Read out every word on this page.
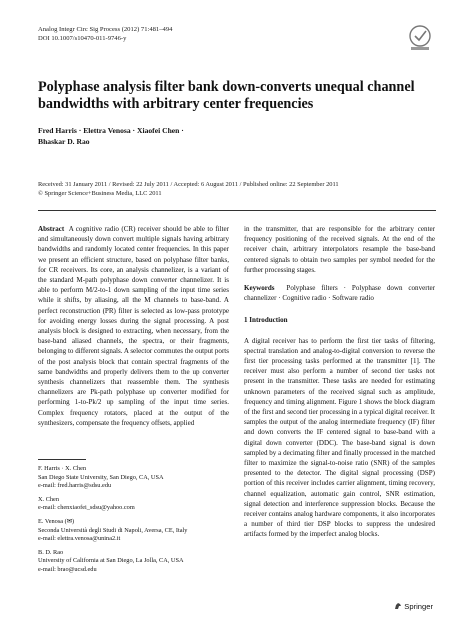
Analog Integr Circ Sig Process (2012) 71:481–494
DOI 10.1007/s10470-011-9746-y
Polyphase analysis filter bank down-converts unequal channel bandwidths with arbitrary center frequencies
Fred Harris · Elettra Venosa · Xiaofei Chen ·
Bhaskar D. Rao
Received: 31 January 2011 / Revised: 22 July 2011 / Accepted: 6 August 2011 / Published online: 22 September 2011
© Springer Science+Business Media, LLC 2011
Abstract A cognitive radio (CR) receiver should be able to filter and simultaneously down convert multiple signals having arbitrary bandwidths and randomly located center frequencies. In this paper we present an efficient structure, based on polyphase filter banks, for CR receivers. Its core, an analysis channelizer, is a variant of the standard M-path polyphase down converter channelizer. It is able to perform M/2-to-1 down sampling of the input time series while it shifts, by aliasing, all the M channels to base-band. A perfect reconstruction (PR) filter is selected as low-pass prototype for avoiding energy losses during the signal processing. A post analysis block is designed to extracting, when necessary, from the base-band aliased channels, the spectra, or their fragments, belonging to different signals. A selector commutes the output ports of the post analysis block that contain spectral fragments of the same bandwidths and properly delivers them to the up converter synthesis channelizers that reassemble them. The synthesis channelizers are Pk-path polyphase up converter modified for performing 1-to-Pk/2 up sampling of the input time series. Complex frequency rotators, placed at the output of the synthesizers, compensate the frequency offsets, applied
in the transmitter, that are responsible for the arbitrary center frequency positioning of the received signals. At the end of the receiver chain, arbitrary interpolators resample the base-band centered signals to obtain two samples per symbol needed for the further processing stages.
Keywords Polyphase filters · Polyphase down converter channelizer · Cognitive radio · Software radio
1 Introduction
A digital receiver has to perform the first tier tasks of filtering, spectral translation and analog-to-digital conversion to reverse the first tier processing tasks performed at the transmitter [1]. The receiver must also perform a number of second tier tasks not present in the transmitter. These tasks are needed for estimating unknown parameters of the received signal such as amplitude, frequency and timing alignment. Figure 1 shows the block diagram of the first and second tier processing in a typical digital receiver. It samples the output of the analog intermediate frequency (IF) filter and down converts the IF centered signal to base-band with a digital down converter (DDC). The base-band signal is down sampled by a decimating filter and finally processed in the matched filter to maximize the signal-to-noise ratio (SNR) of the samples presented to the detector. The digital signal processing (DSP) portion of this receiver includes carrier alignment, timing recovery, channel equalization, automatic gain control, SNR estimation, signal detection and interference suppression blocks. Because the receiver contains analog hardware components, it also incorporates a number of third tier DSP blocks to suppress the undesired artifacts formed by the imperfect analog blocks.
F. Harris · X. Chen
San Diego State University, San Diego, CA, USA
e-mail: fred.harris@sdsu.edu
X. Chen
e-mail: chenxiaofei_sdsu@yahoo.com
E. Venosa (✉)
Seconda Università degli Studi di Napoli, Aversa, CE, Italy
e-mail: elettra.venosa@unina2.it
B. D. Rao
University of California at San Diego, La Jolla, CA, USA
e-mail: brao@ucsd.edu
Springer
